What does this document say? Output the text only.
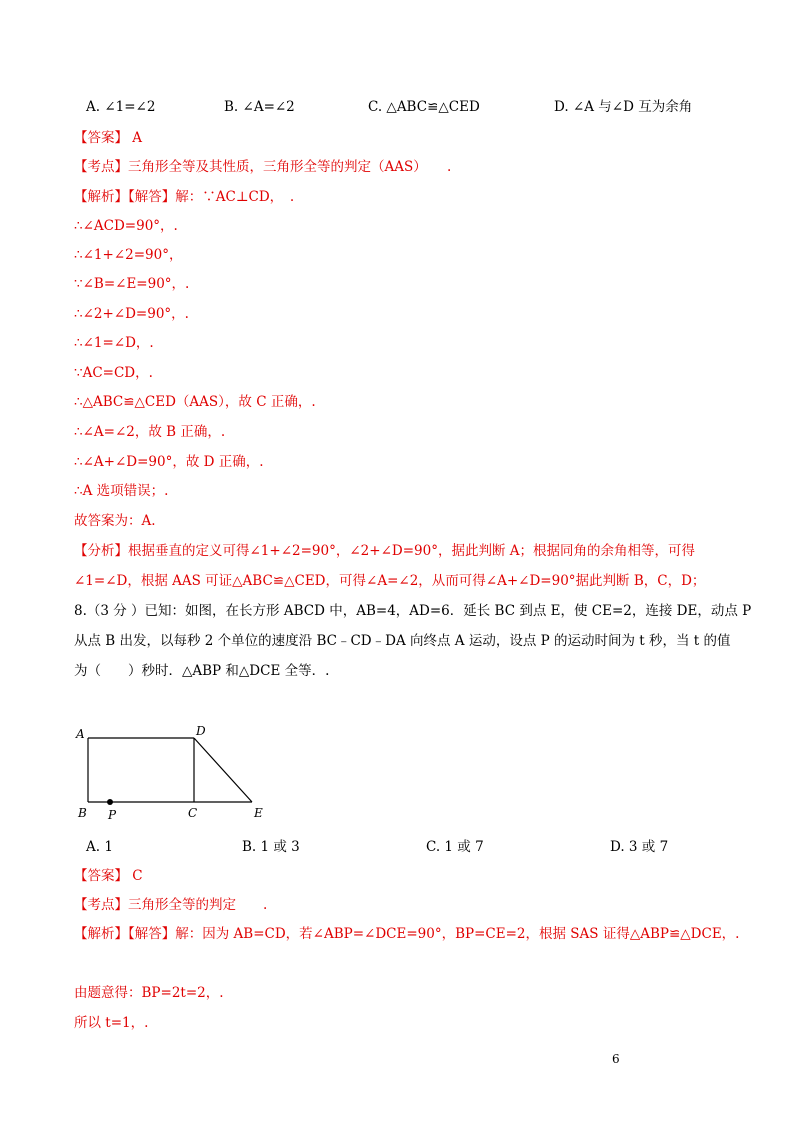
A. ∠1=∠2	B. ∠A=∠2	C. △ABC≌△CED	D. ∠A 与∠D 互为余角
【答案】 A
【考点】三角形全等及其性质，三角形全等的判定（AAS）　　.
【解析】【解答】解：∵AC⊥CD，　.
∴∠ACD=90°，.
∴∠1+∠2=90°，
∵∠B=∠E=90°，.
∴∠2+∠D=90°，.
∴∠1=∠D，.
∵AC=CD，.
∴△ABC≌△CED（AAS），故 C 正确，.
∴∠A=∠2，故 B 正确，.
∴∠A+∠D=90°，故 D 正确，.
∴A 选项错误；.
故答案为：A.
【分析】根据垂直的定义可得∠1+∠2=90°，∠2+∠D=90°，据此判断 A；根据同角的余角相等，可得
∠1=∠D，根据 AAS 可证△ABC≌△CED，可得∠A=∠2，从而可得∠A+∠D=90°据此判断 B，C，D；
8.（3 分 ）已知：如图，在长方形 ABCD 中，AB=4，AD=6．延长 BC 到点 E，使 CE=2，连接 DE，动点 P
从点 B 出发，以每秒 2 个单位的速度沿 BC﹣CD﹣DA 向终点 A 运动，设点 P 的运动时间为 t 秒，当 t 的值
为（　　）秒时．△ABP 和△DCE 全等．.
A	D
B P	C	E
A. 1	B. 1 或 3	C. 1 或 7	D. 3 或 7
【答案】 C
【考点】三角形全等的判定　　.
【解析】【解答】解：因为 AB=CD，若∠ABP=∠DCE=90°，BP=CE=2，根据 SAS 证得△ABP≌△DCE，.
由题意得：BP=2t=2，.
所以 t=1，.
6
